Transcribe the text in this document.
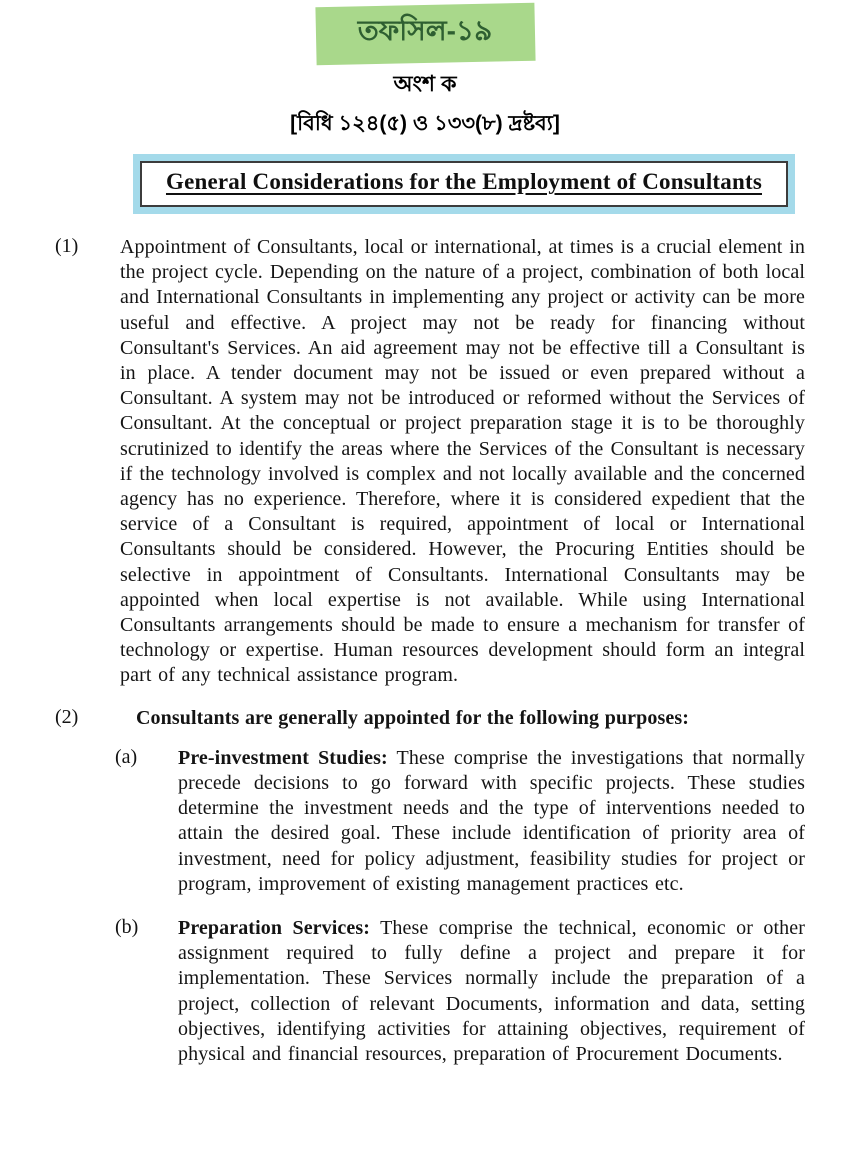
তফসিল-১৯
অংশ ক
[বিধি ১২৪(৫) ও ১৩৩(৮) দ্রষ্টব্য]
General Considerations for the Employment of Consultants
(1)	Appointment of Consultants, local or international, at times is a crucial element in the project cycle. Depending on the nature of a project, combination of both local and International Consultants in implementing any project or activity can be more useful and effective. A project may not be ready for financing without Consultant's Services. An aid agreement may not be effective till a Consultant is in place. A tender document may not be issued or even prepared without a Consultant. A system may not be introduced or reformed without the Services of Consultant. At the conceptual or project preparation stage it is to be thoroughly scrutinized to identify the areas where the Services of the Consultant is necessary if the technology involved is complex and not locally available and the concerned agency has no experience. Therefore, where it is considered expedient that the service of a Consultant is required, appointment of local or International Consultants should be considered. However, the Procuring Entities should be selective in appointment of Consultants. International Consultants may be appointed when local expertise is not available. While using International Consultants arrangements should be made to ensure a mechanism for transfer of technology or expertise. Human resources development should form an integral part of any technical assistance program.
(2)	Consultants are generally appointed for the following purposes:
(a)	Pre-investment Studies: These comprise the investigations that normally precede decisions to go forward with specific projects. These studies determine the investment needs and the type of interventions needed to attain the desired goal. These include identification of priority area of investment, need for policy adjustment, feasibility studies for project or program, improvement of existing management practices etc.
(b)	Preparation Services: These comprise the technical, economic or other assignment required to fully define a project and prepare it for implementation. These Services normally include the preparation of a project, collection of relevant Documents, information and data, setting objectives, identifying activities for attaining objectives, requirement of physical and financial resources, preparation of Procurement Documents.
